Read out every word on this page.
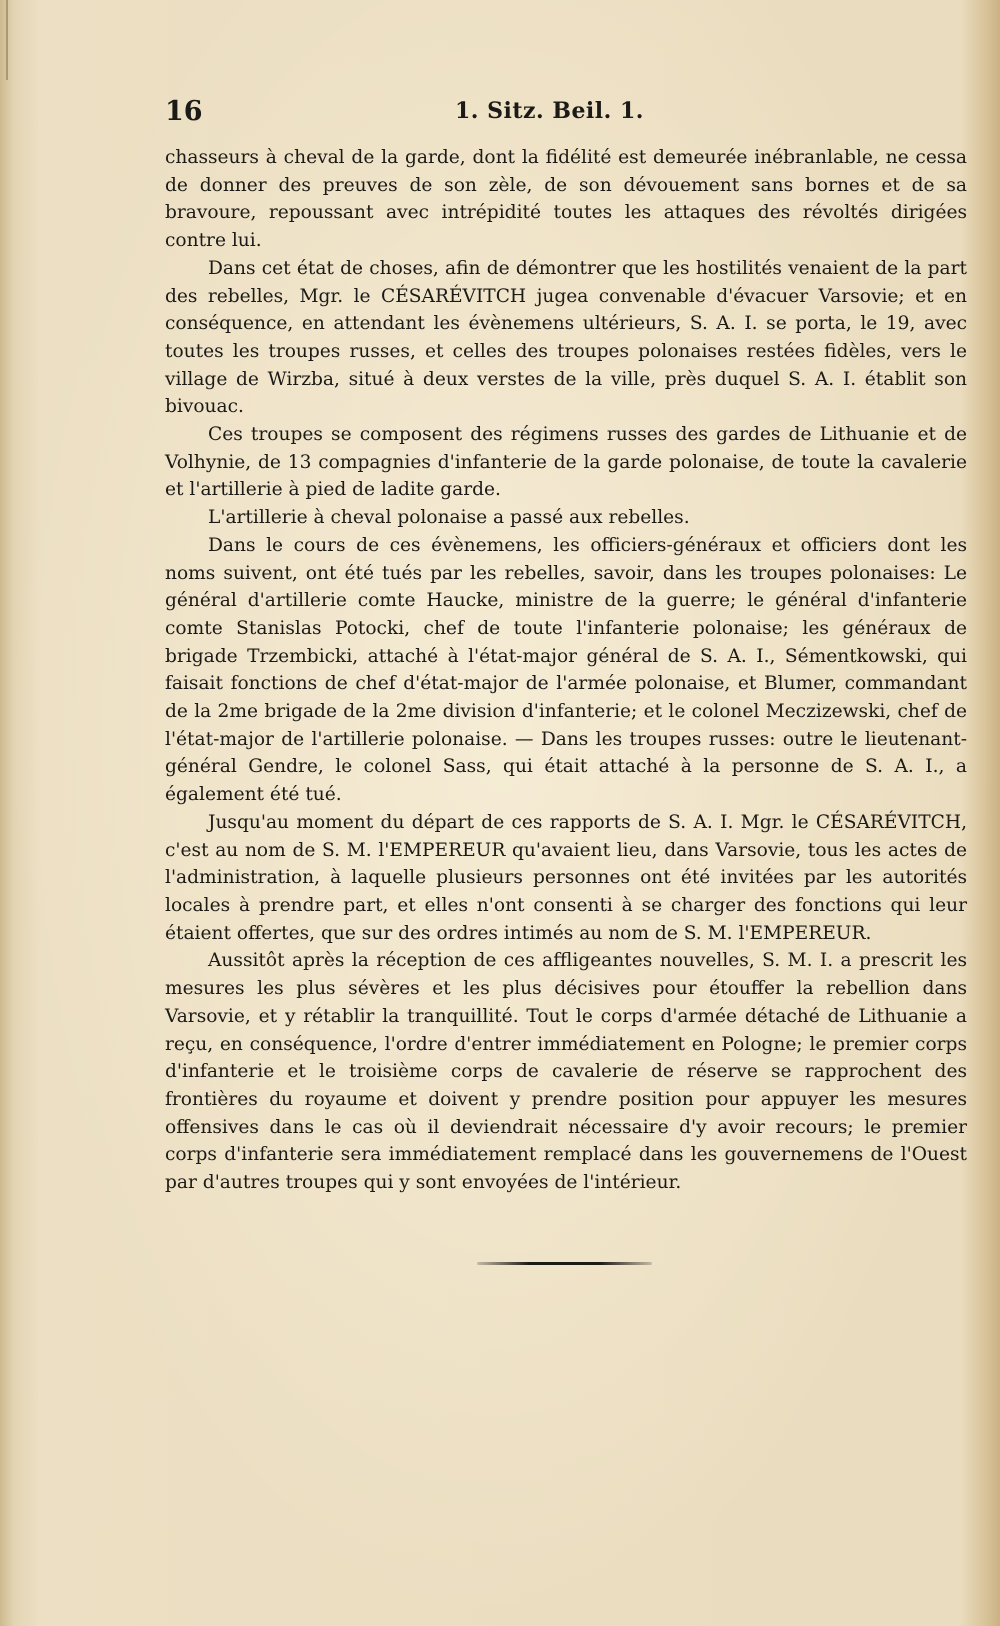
16	1. Sitz. Beil. 1.

chasseurs à cheval de la garde, dont la fidélité est demeurée inébranlable, ne cessa de donner des preuves de son zèle, de son dévouement sans bornes et de sa bravoure, repoussant avec intrépidité toutes les attaques des révoltés dirigées contre lui.

Dans cet état de choses, afin de démontrer que les hostilités venaient de la part des rebelles, Mgr. le CÉSARÉVITCH jugea convenable d'évacuer Varsovie; et en conséquence, en attendant les évènemens ultérieurs, S. A. I. se porta, le 19, avec toutes les troupes russes, et celles des troupes polonaises restées fidèles, vers le village de Wirzba, situé à deux verstes de la ville, près duquel S. A. I. établit son bivouac.

Ces troupes se composent des régimens russes des gardes de Lithuanie et de Volhynie, de 13 compagnies d'infanterie de la garde polonaise, de toute la cavalerie et l'artillerie à pied de ladite garde.

L'artillerie à cheval polonaise a passé aux rebelles.

Dans le cours de ces évènemens, les officiers-généraux et officiers dont les noms suivent, ont été tués par les rebelles, savoir, dans les troupes polonaises: Le général d'artillerie comte Haucke, ministre de la guerre; le général d'infanterie comte Stanislas Potocki, chef de toute l'infanterie polonaise; les généraux de brigade Trzembicki, attaché à l'état-major général de S. A. I., Sémentkowski, qui faisait fonctions de chef d'état-major de l'armée polonaise, et Blumer, commandant de la 2me brigade de la 2me division d'infanterie; et le colonel Meczizewski, chef de l'état-major de l'artillerie polonaise. — Dans les troupes russes: outre le lieutenant-général Gendre, le colonel Sass, qui était attaché à la personne de S. A. I., a également été tué.

Jusqu'au moment du départ de ces rapports de S. A. I. Mgr. le CÉSARÉVITCH, c'est au nom de S. M. l'EMPEREUR qu'avaient lieu, dans Varsovie, tous les actes de l'administration, à laquelle plusieurs personnes ont été invitées par les autorités locales à prendre part, et elles n'ont consenti à se charger des fonctions qui leur étaient offertes, que sur des ordres intimés au nom de S. M. l'EMPEREUR.

Aussitôt après la réception de ces affligeantes nouvelles, S. M. I. a prescrit les mesures les plus sévères et les plus décisives pour étouffer la rebellion dans Varsovie, et y rétablir la tranquillité. Tout le corps d'armée détaché de Lithuanie a reçu, en conséquence, l'ordre d'entrer immédiatement en Pologne; le premier corps d'infanterie et le troisième corps de cavalerie de réserve se rapprochent des frontières du royaume et doivent y prendre position pour appuyer les mesures offensives dans le cas où il deviendrait nécessaire d'y avoir recours; le premier corps d'infanterie sera immédiatement remplacé dans les gouvernemens de l'Ouest par d'autres troupes qui y sont envoyées de l'intérieur.
